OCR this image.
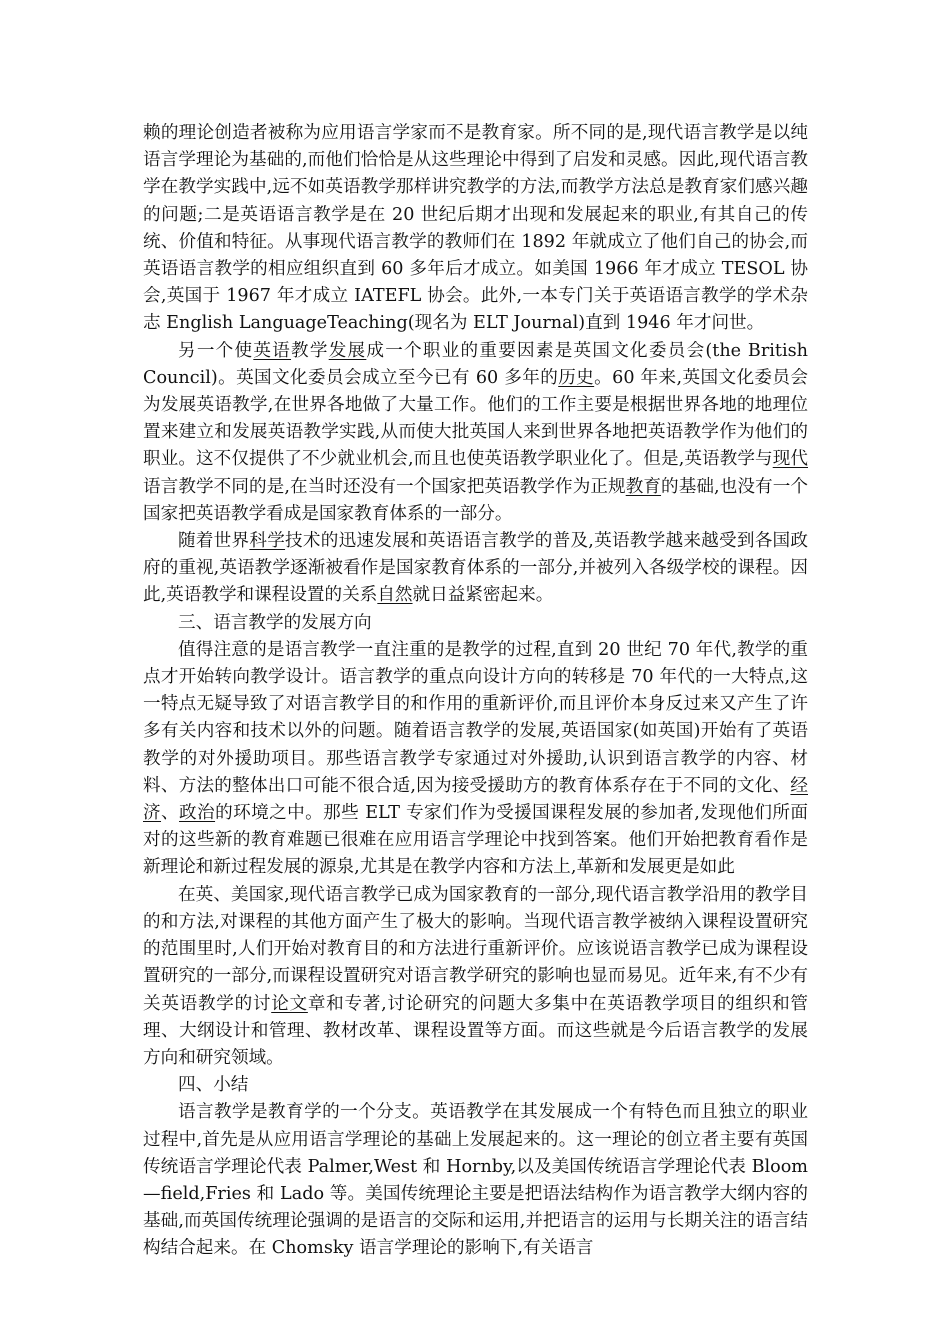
赖的理论创造者被称为应用语言学家而不是教育家。所不同的是,现代语言教学是以纯语言学理论为基础的,而他们恰恰是从这些理论中得到了启发和灵感。因此,现代语言教学在教学实践中,远不如英语教学那样讲究教学的方法,而教学方法总是教育家们感兴趣的问题;二是英语语言教学是在 20 世纪后期才出现和发展起来的职业,有其自己的传统、价值和特征。从事现代语言教学的教师们在 1892 年就成立了他们自己的协会,而英语语言教学的相应组织直到 60 多年后才成立。如美国 1966 年才成立 TESOL 协会,英国于 1967 年才成立 IATEFL 协会。此外,一本专门关于英语语言教学的学术杂志 English LanguageTeaching(现名为 ELT Journal)直到 1946 年才问世。

另一个使英语教学发展成一个职业的重要因素是英国文化委员会(the British Council)。英国文化委员会成立至今已有 60 多年的历史。60 年来,英国文化委员会为发展英语教学,在世界各地做了大量工作。他们的工作主要是根据世界各地的地理位置来建立和发展英语教学实践,从而使大批英国人来到世界各地把英语教学作为他们的职业。这不仅提供了不少就业机会,而且也使英语教学职业化了。但是,英语教学与现代语言教学不同的是,在当时还没有一个国家把英语教学作为正规教育的基础,也没有一个国家把英语教学看成是国家教育体系的一部分。

随着世界科学技术的迅速发展和英语语言教学的普及,英语教学越来越受到各国政府的重视,英语教学逐渐被看作是国家教育体系的一部分,并被列入各级学校的课程。因此,英语教学和课程设置的关系自然就日益紧密起来。

三、语言教学的发展方向

值得注意的是语言教学一直注重的是教学的过程,直到 20 世纪 70 年代,教学的重点才开始转向教学设计。语言教学的重点向设计方向的转移是 70 年代的一大特点,这一特点无疑导致了对语言教学目的和作用的重新评价,而且评价本身反过来又产生了许多有关内容和技术以外的问题。随着语言教学的发展,英语国家(如英国)开始有了英语教学的对外援助项目。那些语言教学专家通过对外援助,认识到语言教学的内容、材料、方法的整体出口可能不很合适,因为接受援助方的教育体系存在于不同的文化、经济、政治的环境之中。那些 ELT 专家们作为受援国课程发展的参加者,发现他们所面对的这些新的教育难题已很难在应用语言学理论中找到答案。他们开始把教育看作是新理论和新过程发展的源泉,尤其是在教学内容和方法上,革新和发展更是如此

在英、美国家,现代语言教学已成为国家教育的一部分,现代语言教学沿用的教学目的和方法,对课程的其他方面产生了极大的影响。当现代语言教学被纳入课程设置研究的范围里时,人们开始对教育目的和方法进行重新评价。应该说语言教学已成为课程设置研究的一部分,而课程设置研究对语言教学研究的影响也显而易见。近年来,有不少有关英语教学的讨论文章和专著,讨论研究的问题大多集中在英语教学项目的组织和管理、大纲设计和管理、教材改革、课程设置等方面。而这些就是今后语言教学的发展方向和研究领域。

四、小结

语言教学是教育学的一个分支。英语教学在其发展成一个有特色而且独立的职业过程中,首先是从应用语言学理论的基础上发展起来的。这一理论的创立者主要有英国传统语言学理论代表 Palmer,West 和 Hornby,以及美国传统语言学理论代表 Bloom—field,Fries 和 Lado 等。美国传统理论主要是把语法结构作为语言教学大纲内容的基础,而英国传统理论强调的是语言的交际和运用,并把语言的运用与长期关注的语言结构结合起来。在 Chomsky 语言学理论的影响下,有关语言
